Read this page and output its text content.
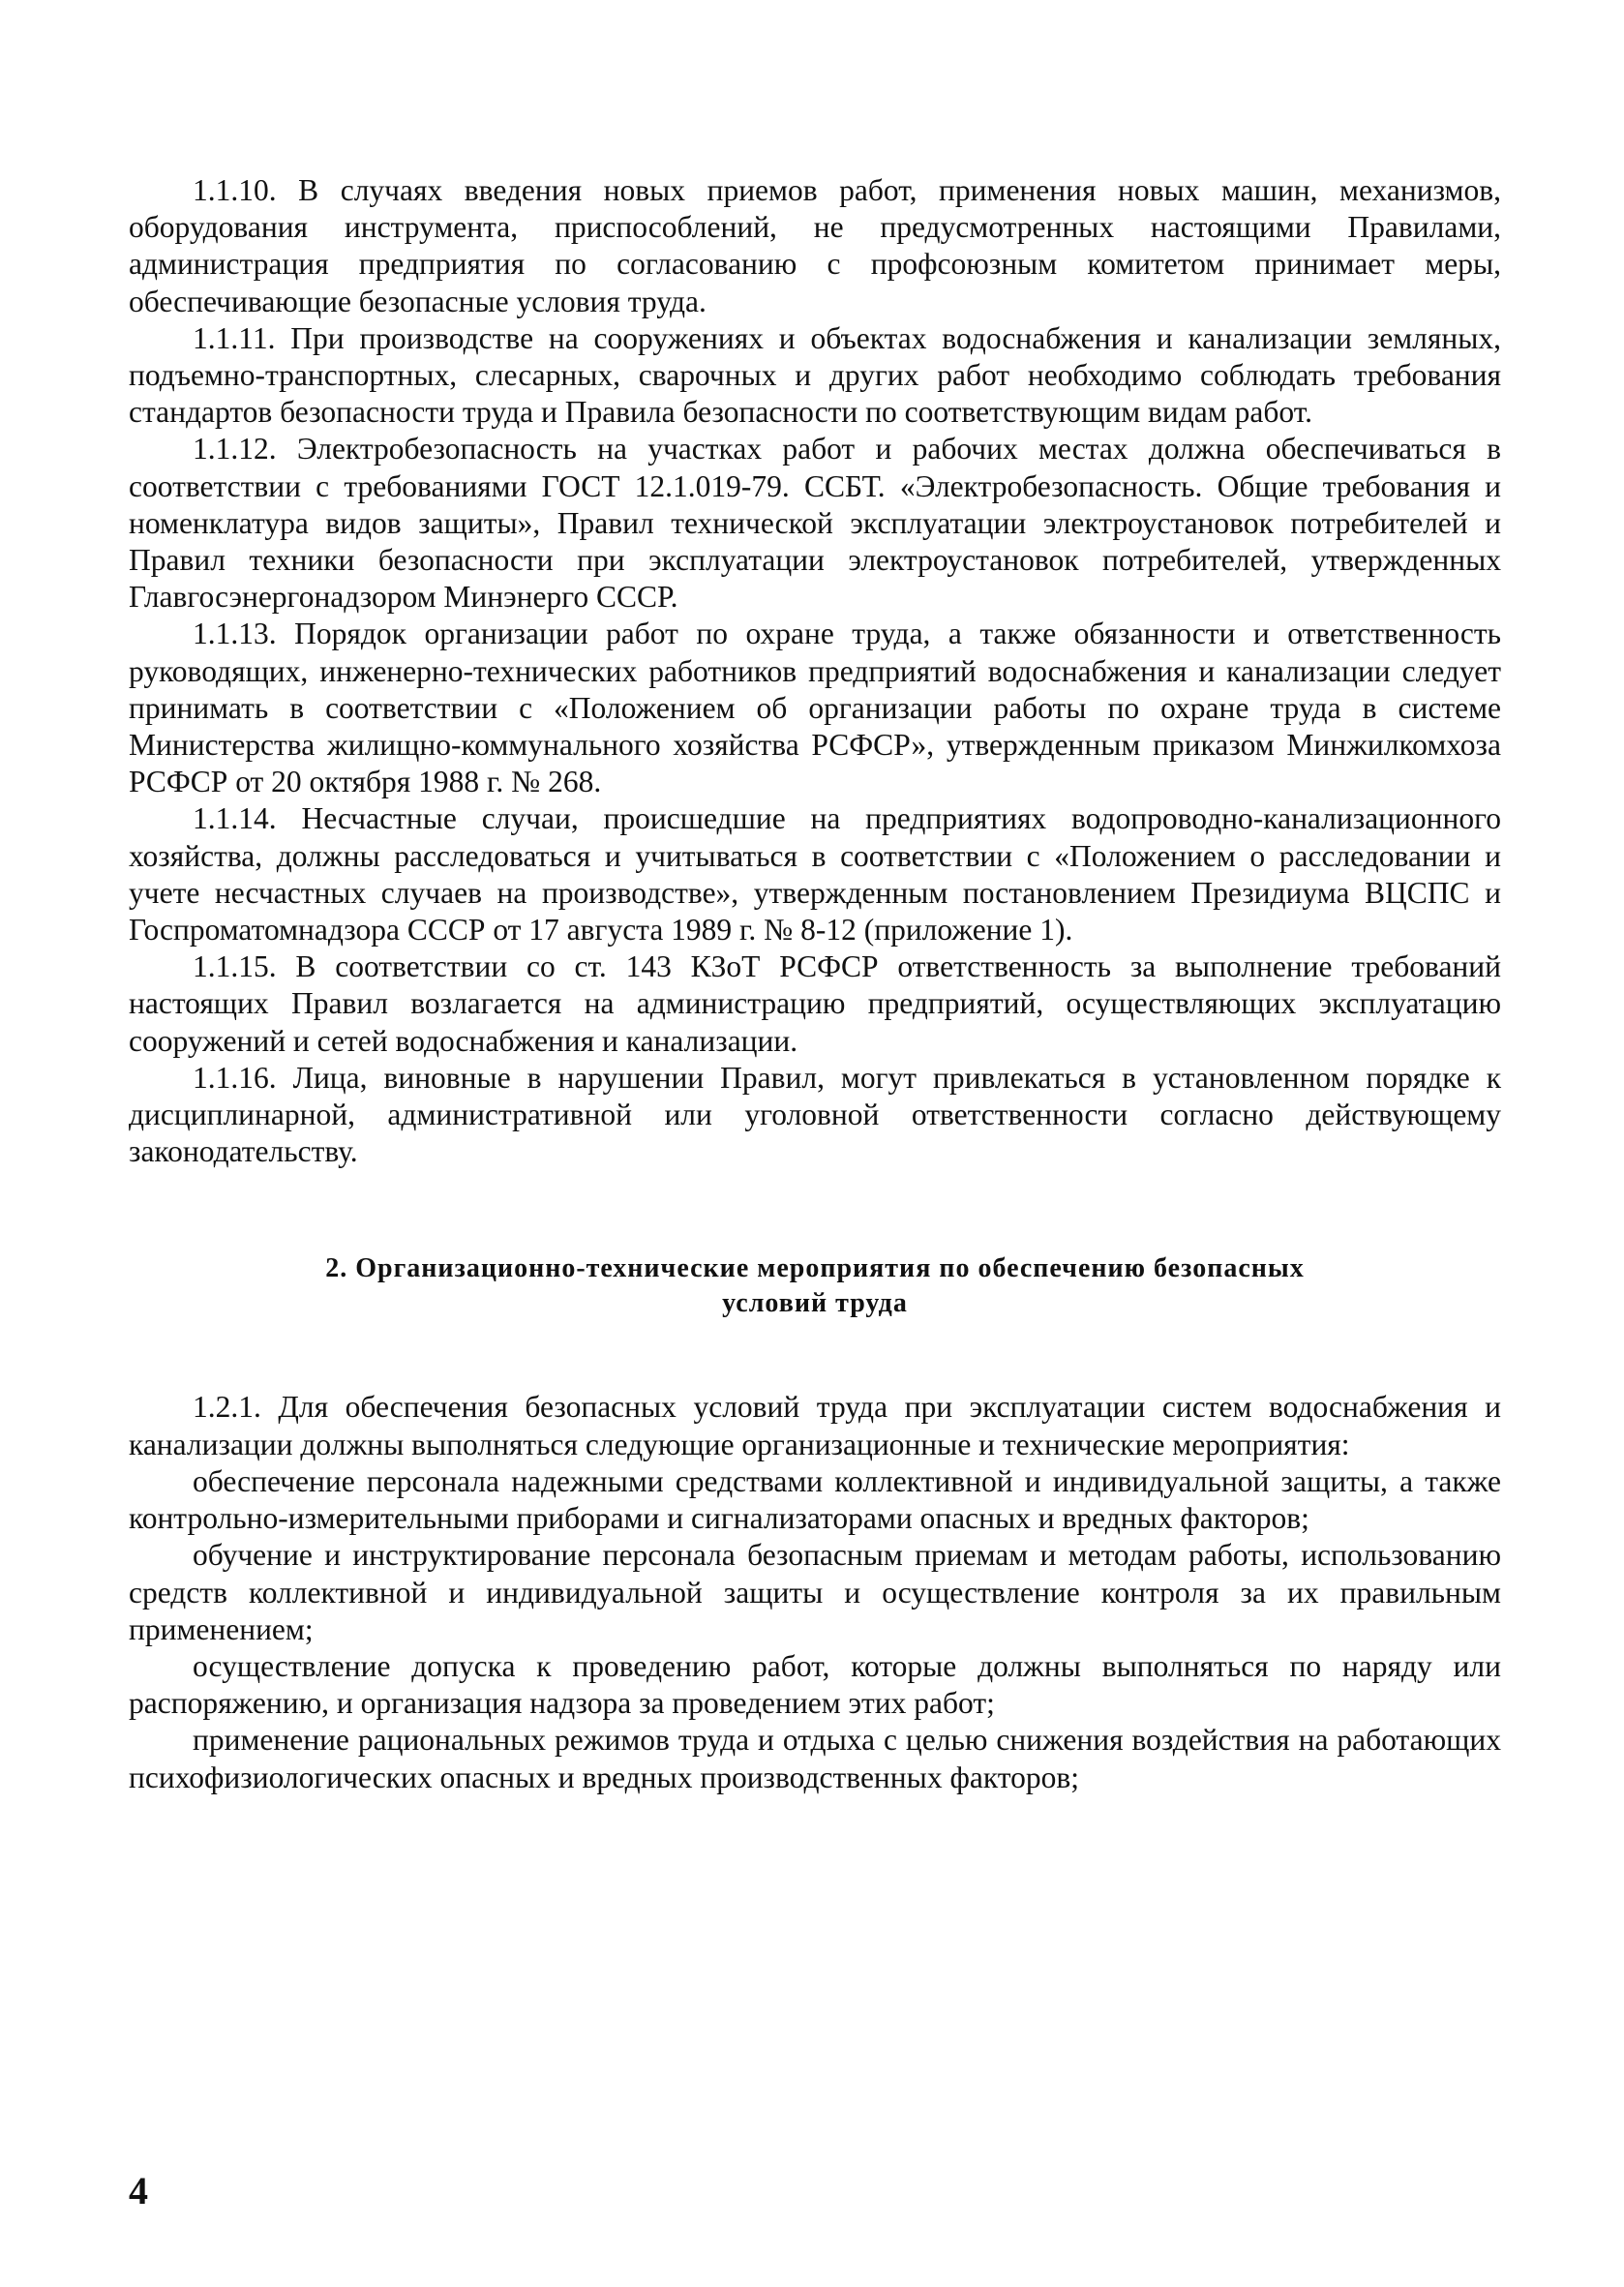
1.1.10. В случаях введения новых приемов работ, применения новых машин, механизмов, оборудования инструмента, приспособлений, не предусмотренных настоящими Правилами, администрация предприятия по согласованию с профсоюзным комитетом принимает меры, обеспечивающие безопасные условия труда.

1.1.11. При производстве на сооружениях и объектах водоснабжения и канализации земляных, подъемно-транспортных, слесарных, сварочных и других работ необходимо соблюдать требования стандартов безопасности труда и Правила безопасности по соответствующим видам работ.

1.1.12. Электробезопасность на участках работ и рабочих местах должна обеспечиваться в соответствии с требованиями ГОСТ 12.1.019-79. ССБТ. «Электробезопасность. Общие требования и номенклатура видов защиты», Правил технической эксплуатации электроустановок потребителей и Правил техники безопасности при эксплуатации электроустановок потребителей, утвержденных Главгосэнергонадзором Минэнерго СССР.

1.1.13. Порядок организации работ по охране труда, а также обязанности и ответственность руководящих, инженерно-технических работников предприятий водоснабжения и канализации следует принимать в соответствии с «Положением об организации работы по охране труда в системе Министерства жилищно-коммунального хозяйства РСФСР», утвержденным приказом Минжилкомхоза РСФСР от 20 октября 1988 г. № 268.

1.1.14. Несчастные случаи, происшедшие на предприятиях водопроводно-канализационного хозяйства, должны расследоваться и учитываться в соответствии с «Положением о расследовании и учете несчастных случаев на производстве», утвержденным постановлением Президиума ВЦСПС и Госпроматомнадзора СССР от 17 августа 1989 г. № 8-12 (приложение 1).

1.1.15. В соответствии со ст. 143 КЗоТ РСФСР ответственность за выполнение требований настоящих Правил возлагается на администрацию предприятий, осуществляющих эксплуатацию сооружений и сетей водоснабжения и канализации.

1.1.16. Лица, виновные в нарушении Правил, могут привлекаться в установленном порядке к дисциплинарной, административной или уголовной ответственности согласно действующему законодательству.

2. Организационно-технические мероприятия по обеспечению безопасных
условий труда

1.2.1. Для обеспечения безопасных условий труда при эксплуатации систем водоснабжения и канализации должны выполняться следующие организационные и технические мероприятия:

обеспечение персонала надежными средствами коллективной и индивидуальной защиты, а также контрольно-измерительными приборами и сигнализаторами опасных и вредных факторов;

обучение и инструктирование персонала безопасным приемам и методам работы, использованию средств коллективной и индивидуальной защиты и осуществление контроля за их правильным применением;

осуществление допуска к проведению работ, которые должны выполняться по наряду или распоряжению, и организация надзора за проведением этих работ;

применение рациональных режимов труда и отдыха с целью снижения воздействия на работающих психофизиологических опасных и вредных производственных факторов;

4
